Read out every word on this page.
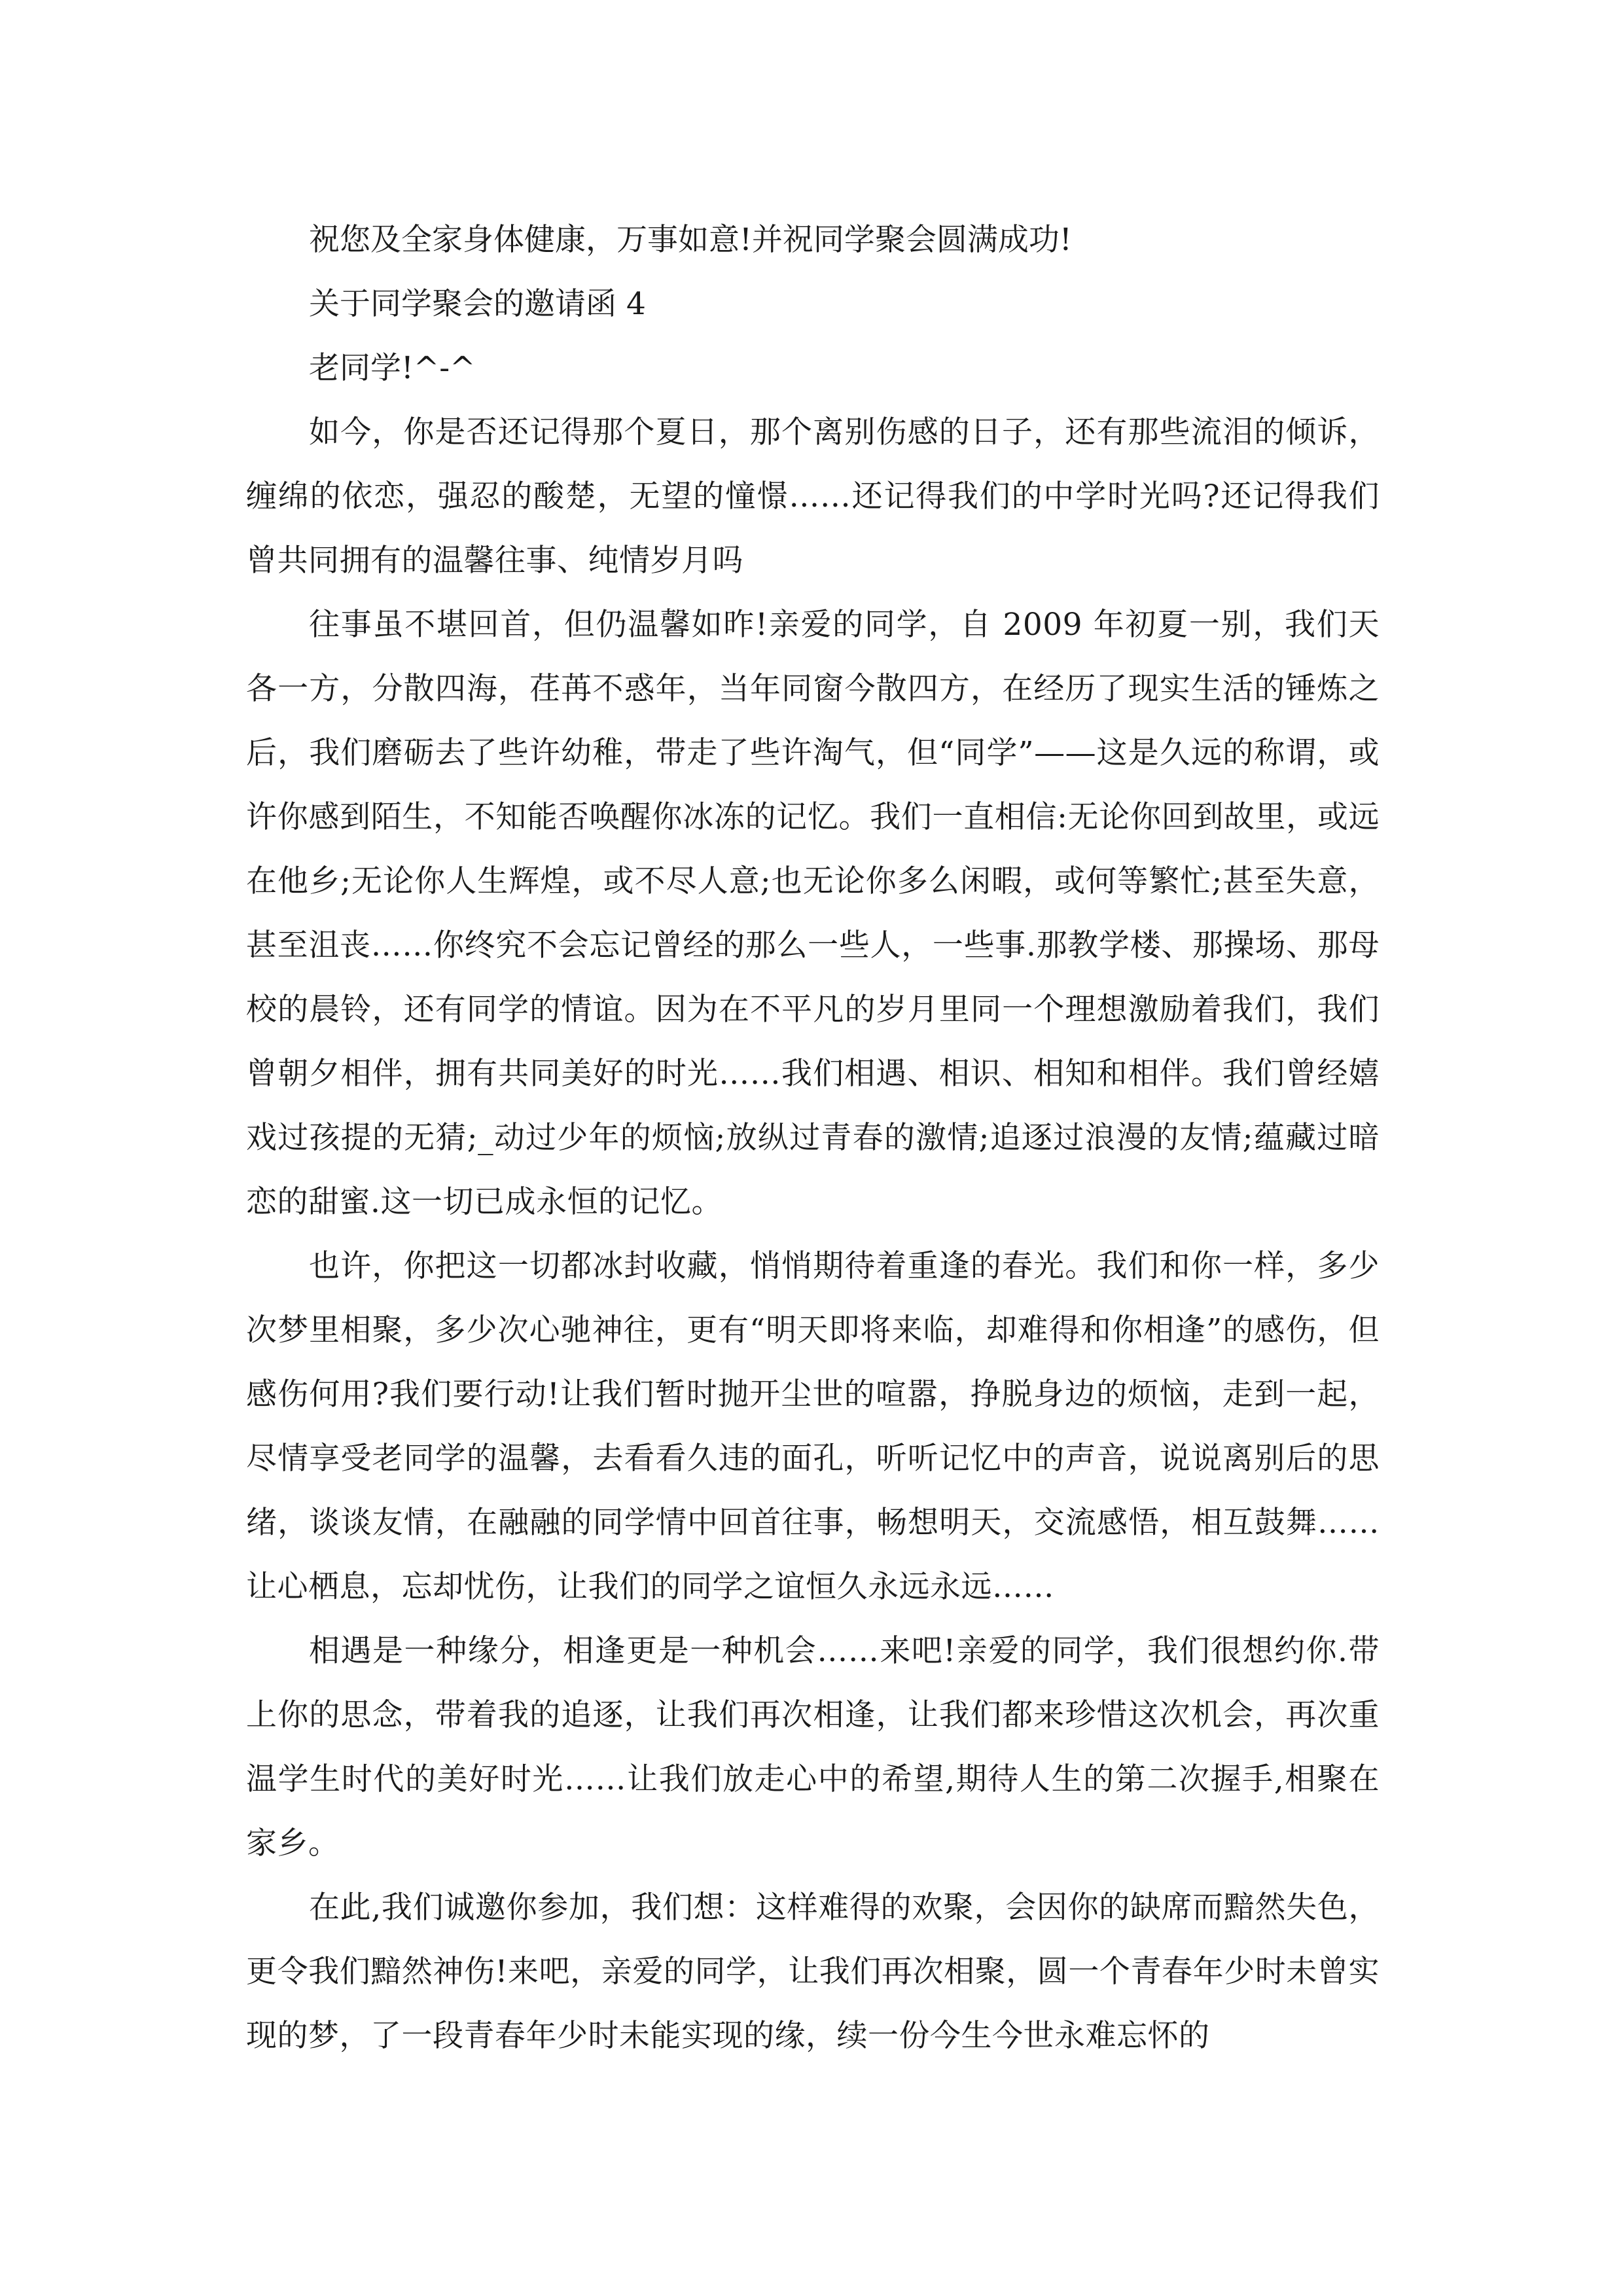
祝您及全家身体健康，万事如意!并祝同学聚会圆满成功!

关于同学聚会的邀请函 4

老同学!^-^

如今，你是否还记得那个夏日，那个离别伤感的日子，还有那些流泪的倾诉，缠绵的依恋，强忍的酸楚，无望的憧憬……还记得我们的中学时光吗?还记得我们曾共同拥有的温馨往事、纯情岁月吗

往事虽不堪回首，但仍温馨如昨!亲爱的同学，自 2009 年初夏一别，我们天各一方，分散四海，荏苒不惑年，当年同窗今散四方，在经历了现实生活的锤炼之后，我们磨砺去了些许幼稚，带走了些许淘气，但“同学”——这是久远的称谓，或许你感到陌生，不知能否唤醒你冰冻的记忆。我们一直相信:无论你回到故里，或远在他乡;无论你人生辉煌，或不尽人意;也无论你多么闲暇，或何等繁忙;甚至失意，甚至沮丧……你终究不会忘记曾经的那么一些人，一些事.那教学楼、那操场、那母校的晨铃，还有同学的情谊。因为在不平凡的岁月里同一个理想激励着我们，我们曾朝夕相伴，拥有共同美好的时光……我们相遇、相识、相知和相伴。我们曾经嬉戏过孩提的无猜;_动过少年的烦恼;放纵过青春的激情;追逐过浪漫的友情;蕴藏过暗恋的甜蜜.这一切已成永恒的记忆。

也许，你把这一切都冰封收藏，悄悄期待着重逢的春光。我们和你一样，多少次梦里相聚，多少次心驰神往，更有“明天即将来临，却难得和你相逢”的感伤，但感伤何用?我们要行动!让我们暂时抛开尘世的喧嚣，挣脱身边的烦恼，走到一起，尽情享受老同学的温馨，去看看久违的面孔，听听记忆中的声音，说说离别后的思绪，谈谈友情，在融融的同学情中回首往事，畅想明天，交流感悟，相互鼓舞……让心栖息，忘却忧伤，让我们的同学之谊恒久永远永远……

相遇是一种缘分，相逢更是一种机会……来吧!亲爱的同学，我们很想约你.带上你的思念，带着我的追逐，让我们再次相逢，让我们都来珍惜这次机会，再次重温学生时代的美好时光……让我们放走心中的希望,期待人生的第二次握手,相聚在家乡。

在此,我们诚邀你参加，我们想：这样难得的欢聚，会因你的缺席而黯然失色，更令我们黯然神伤!来吧，亲爱的同学，让我们再次相聚，圆一个青春年少时未曾实现的梦，了一段青春年少时未能实现的缘，续一份今生今世永难忘怀的
